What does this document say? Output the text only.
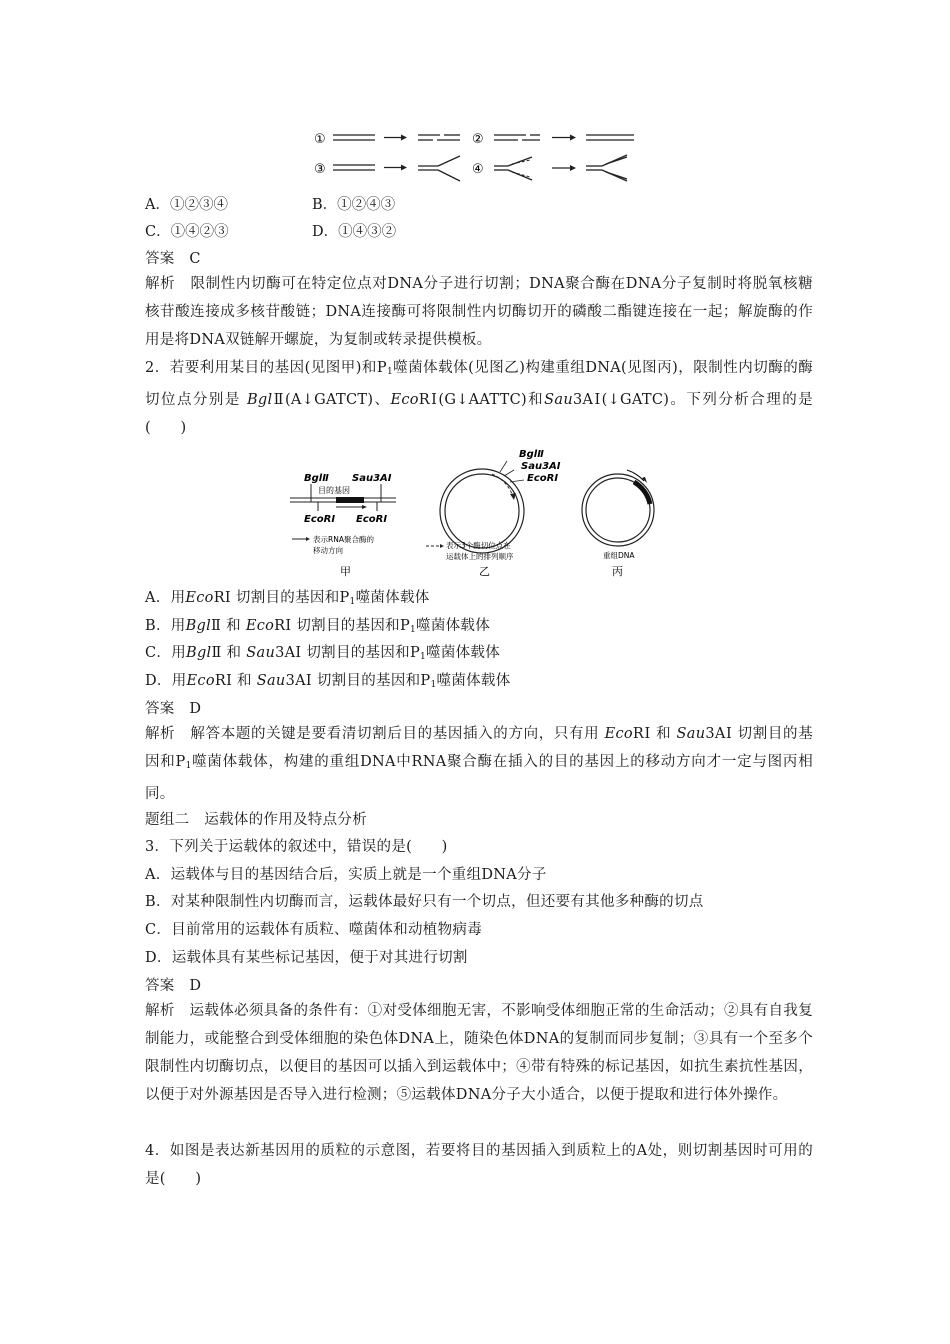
①	②
③	④
A．①②③④	B．①②④③
C．①④②③	D．①④③②
答案　C
解析　限制性内切酶可在特定位点对DNA分子进行切割；DNA聚合酶在DNA分子复制时将脱氧核糖核苷酸连接成多核苷酸链；DNA连接酶可将限制性内切酶切开的磷酸二酯键连接在一起；解旋酶的作用是将DNA双链解开螺旋，为复制或转录提供模板。
2．若要利用某目的基因(见图甲)和$P_1$噬菌体载体(见图乙)构建重组DNA(见图丙)，限制性内切酶的酶切位点分别是 BglⅡ(A↓GATCT)、EcoRⅠ(G↓AATTC)和Sau3AⅠ(↓GATC)。下列分析合理的是(　　)
BglⅡ Sau3AⅠ
目的基因
EcoRⅠ EcoRⅠ
表示RNA聚合酶的
移动方向
甲
BglⅡ
Sau3AⅠ
EcoRⅠ
表示3个酶切位点在
运载体上的排列顺序
乙
重组DNA
丙
A．用EcoRⅠ 切割目的基因和$P_1$噬菌体载体
B．用BglⅡ 和 EcoRⅠ 切割目的基因和$P_1$噬菌体载体
C．用BglⅡ 和 Sau3AⅠ 切割目的基因和$P_1$噬菌体载体
D．用EcoRⅠ 和 Sau3AⅠ 切割目的基因和$P_1$噬菌体载体
答案　D
解析　解答本题的关键是要看清切割后目的基因插入的方向，只有用 EcoRⅠ 和 Sau3AⅠ 切割目的基因和$P_1$噬菌体载体，构建的重组DNA中RNA聚合酶在插入的目的基因上的移动方向才一定与图丙相同。
题组二　运载体的作用及特点分析
3．下列关于运载体的叙述中，错误的是(　　)
A．运载体与目的基因结合后，实质上就是一个重组DNA分子
B．对某种限制性内切酶而言，运载体最好只有一个切点，但还要有其他多种酶的切点
C．目前常用的运载体有质粒、噬菌体和动植物病毒
D．运载体具有某些标记基因，便于对其进行切割
答案　D
解析　运载体必须具备的条件有：①对受体细胞无害，不影响受体细胞正常的生命活动；②具有自我复制能力，或能整合到受体细胞的染色体DNA上，随染色体DNA的复制而同步复制；③具有一个至多个限制性内切酶切点，以便目的基因可以插入到运载体中；④带有特殊的标记基因，如抗生素抗性基因，以便于对外源基因是否导入进行检测；⑤运载体DNA分子大小适合，以便于提取和进行体外操作。
4．如图是表达新基因用的质粒的示意图，若要将目的基因插入到质粒上的A处，则切割基因时可用的是(　　)
